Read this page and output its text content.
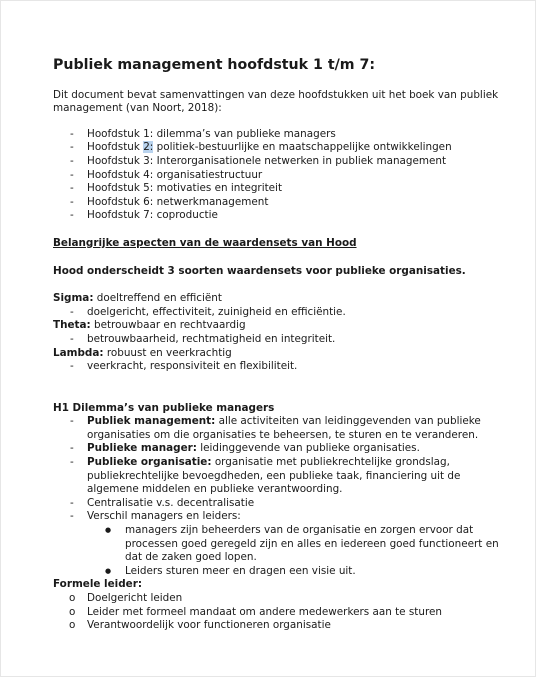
Publiek management hoofdstuk 1 t/m 7:

Dit document bevat samenvattingen van deze hoofdstukken uit het boek van publiek management (van Noort, 2018):

- Hoofdstuk 1: dilemma’s van publieke managers
- Hoofdstuk 2: politiek-bestuurlijke en maatschappelijke ontwikkelingen
- Hoofdstuk 3: Interorganisationele netwerken in publiek management
- Hoofdstuk 4: organisatiestructuur
- Hoofdstuk 5: motivaties en integriteit
- Hoofdstuk 6: netwerkmanagement
- Hoofdstuk 7: coproductie

Belangrijke aspecten van de waardensets van Hood

Hood onderscheidt 3 soorten waardensets voor publieke organisaties.

Sigma: doeltreffend en efficiënt

- doelgericht, effectiviteit, zuinigheid en efficiëntie.

Theta: betrouwbaar en rechtvaardig

- betrouwbaarheid, rechtmatigheid en integriteit.

Lambda: robuust en veerkrachtig

- veerkracht, responsiviteit en flexibiliteit.

H1 Dilemma’s van publieke managers

- Publiek management: alle activiteiten van leidinggevenden van publieke organisaties om die organisaties te beheersen, te sturen en te veranderen.
- Publieke manager: leidinggevende van publieke organisaties.
- Publieke organisatie: organisatie met publiekrechtelijke grondslag, publiekrechtelijke bevoegdheden, een publieke taak, financiering uit de algemene middelen en publieke verantwoording.
- Centralisatie v.s. decentralisatie
- Verschil managers en leiders:
● managers zijn beheerders van de organisatie en zorgen ervoor dat processen goed geregeld zijn en alles en iedereen goed functioneert en dat de zaken goed lopen.
● Leiders sturen meer en dragen een visie uit.

Formele leider:

o Doelgericht leiden
o Leider met formeel mandaat om andere medewerkers aan te sturen
o Verantwoordelijk voor functioneren organisatie
